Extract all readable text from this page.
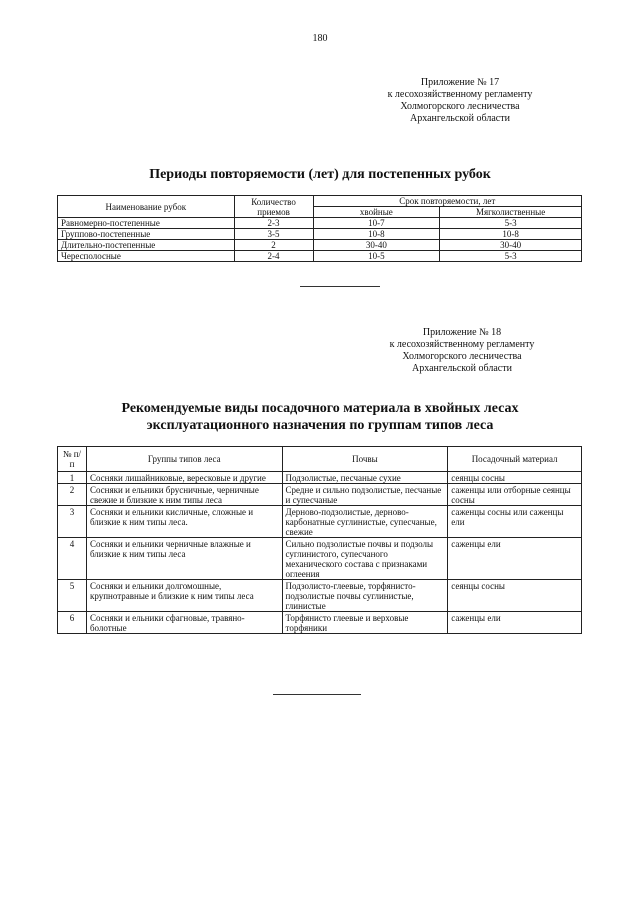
180
Приложение № 17
к лесохозяйственному регламенту
Холмогорского лесничества
Архангельской области
Периоды повторяемости (лет) для постепенных рубок
Наименование рубок	Количество приемов	Срок повторяемости, лет	
		хвойные	Мягколиственные
Равномерно-постепенные	2-3	10-7	5-3
Группово-постепенные	3-5	10-8	10-8
Длительно-постепенные	2	30-40	30-40
Чересполосные	2-4	10-5	5-3
Приложение № 18
к лесохозяйственному регламенту
Холмогорского лесничества
Архангельской области
Рекомендуемые виды посадочного материала в хвойных лесах
эксплуатационного назначения по группам типов леса
№ п/п	Группы типов леса	Почвы	Посадочный материал
1	Сосняки лишайниковые, вересковые и другие	Подзолистые, песчаные сухие	сеянцы сосны
2	Сосняки и ельники брусничные, черничные свежие и близкие к ним типы леса	Средне и сильно подзолистые, песчаные и супесчаные	саженцы или отборные сеянцы сосны
3	Сосняки и ельники кисличные, сложные и близкие к ним типы леса.	Дерново-подзолистые, дерново-карбонатные суглинистые, супесчаные, свежие	саженцы сосны или саженцы ели
4	Сосняки и ельники черничные влажные и близкие к ним типы леса	Сильно подзолистые почвы и подзолы суглинистого, супесчаного механического состава с признаками оглеения	саженцы ели
5	Сосняки и ельники долгомошные, крупнотравные и близкие к ним типы леса	Подзолисто-глеевые, торфянисто-подзолистые почвы суглинистые, глинистые	сеянцы сосны
6	Сосняки и ельники сфагновые, травяно-болотные	Торфянисто глеевые и верховые торфяники	саженцы ели
